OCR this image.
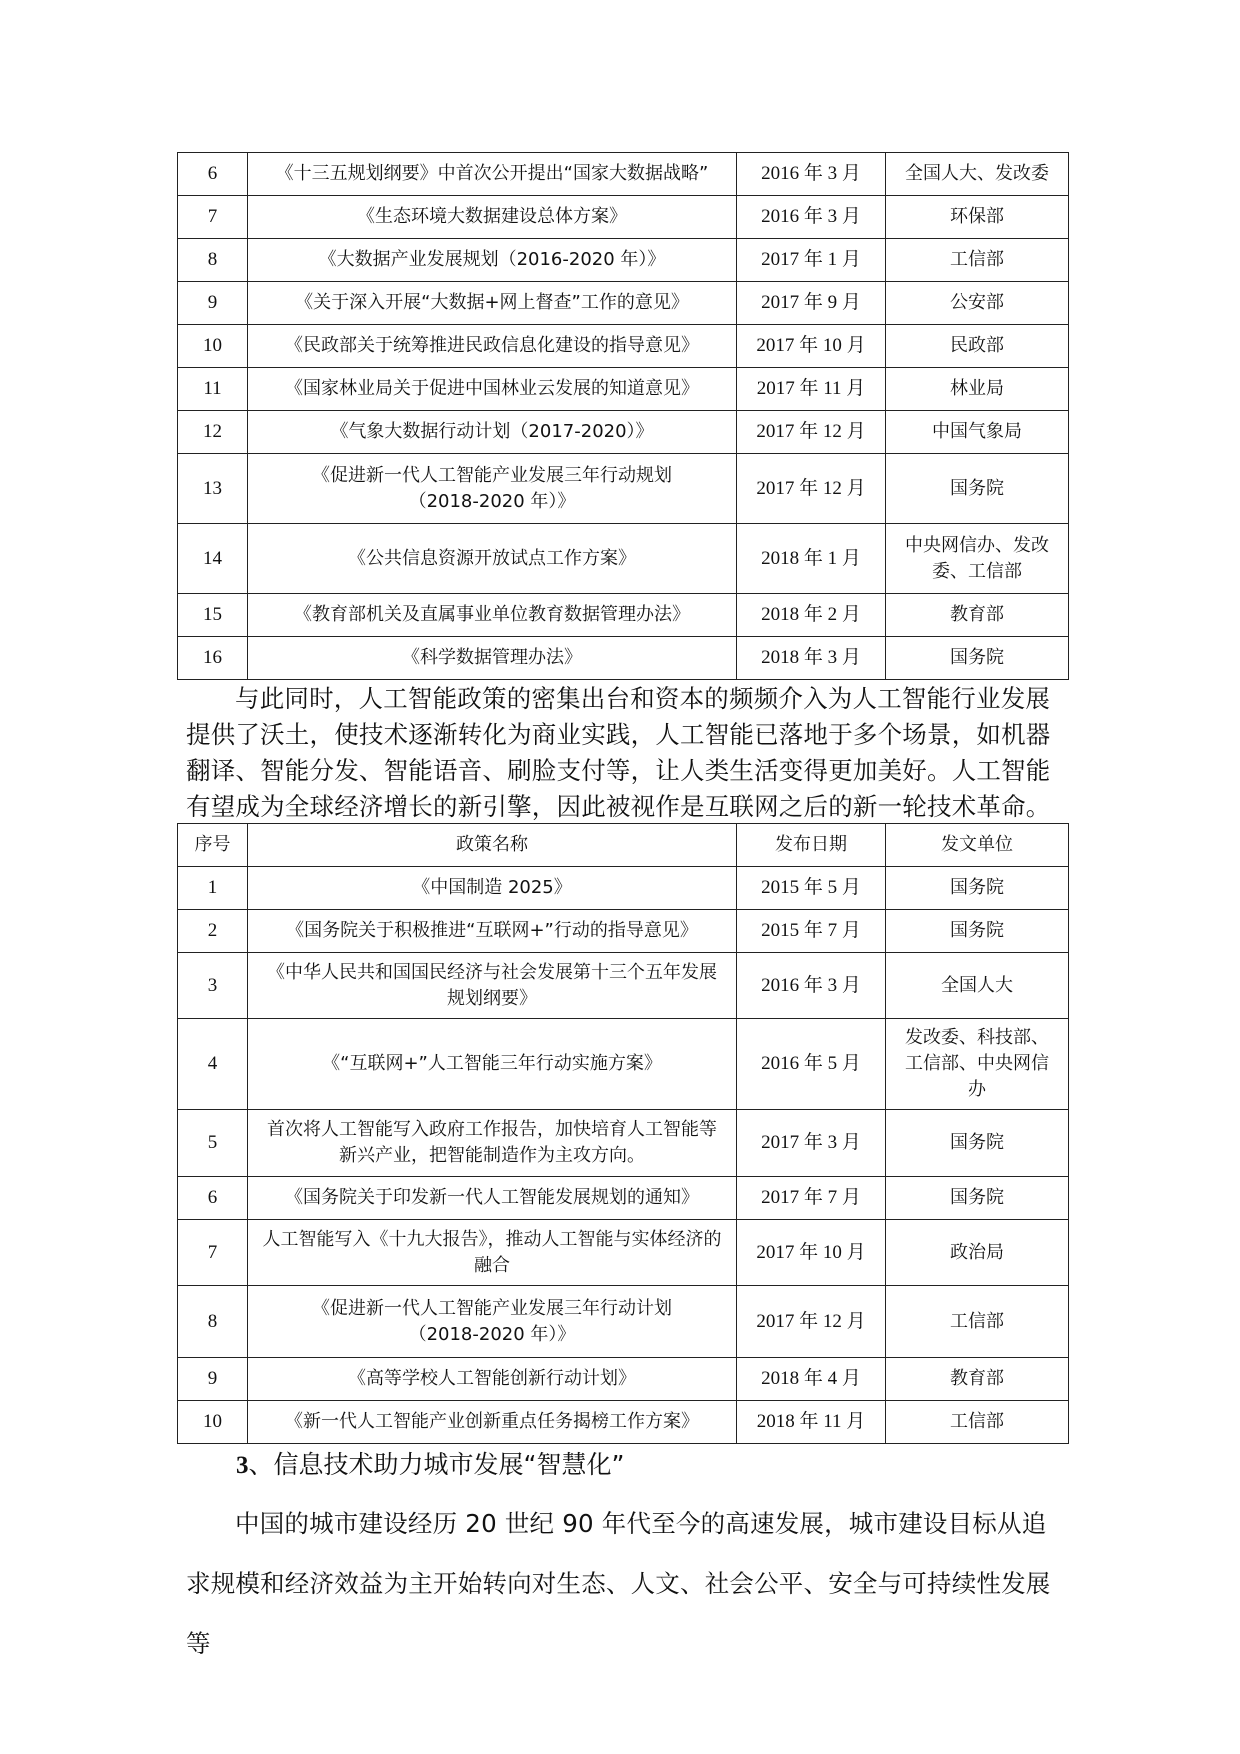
6	《十三五规划纲要》中首次公开提出“国家大数据战略”	2016 年 3 月	全国人大、发改委
7	《生态环境大数据建设总体方案》	2016 年 3 月	环保部
8	《大数据产业发展规划（2016-2020 年）》	2017 年 1 月	工信部
9	《关于深入开展“大数据+网上督查”工作的意见》	2017 年 9 月	公安部
10	《民政部关于统筹推进民政信息化建设的指导意见》	2017 年 10 月	民政部
11	《国家林业局关于促进中国林业云发展的知道意见》	2017 年 11 月	林业局
12	《气象大数据行动计划（2017-2020）》	2017 年 12 月	中国气象局
13	《促进新一代人工智能产业发展三年行动规划（2018-2020 年）》	2017 年 12 月	国务院
14	《公共信息资源开放试点工作方案》	2018 年 1 月	中央网信办、发改委、工信部
15	《教育部机关及直属事业单位教育数据管理办法》	2018 年 2 月	教育部
16	《科学数据管理办法》	2018 年 3 月	国务院

与此同时，人工智能政策的密集出台和资本的频频介入为人工智能行业发展提供了沃土，使技术逐渐转化为商业实践，人工智能已落地于多个场景，如机器翻译、智能分发、智能语音、刷脸支付等，让人类生活变得更加美好。人工智能有望成为全球经济增长的新引擎，因此被视作是互联网之后的新一轮技术革命。

序号	政策名称	发布日期	发文单位
1	《中国制造 2025》	2015 年 5 月	国务院
2	《国务院关于积极推进“互联网+”行动的指导意见》	2015 年 7 月	国务院
3	《中华人民共和国国民经济与社会发展第十三个五年发展规划纲要》	2016 年 3 月	全国人大
4	《“互联网+”人工智能三年行动实施方案》	2016 年 5 月	发改委、科技部、工信部、中央网信办
5	首次将人工智能写入政府工作报告，加快培育人工智能等新兴产业，把智能制造作为主攻方向。	2017 年 3 月	国务院
6	《国务院关于印发新一代人工智能发展规划的通知》	2017 年 7 月	国务院
7	人工智能写入《十九大报告》，推动人工智能与实体经济的融合	2017 年 10 月	政治局
8	《促进新一代人工智能产业发展三年行动计划（2018-2020 年）》	2017 年 12 月	工信部
9	《高等学校人工智能创新行动计划》	2018 年 4 月	教育部
10	《新一代人工智能产业创新重点任务揭榜工作方案》	2018 年 11 月	工信部
3、信息技术助力城市发展“智慧化”

中国的城市建设经历 20 世纪 90 年代至今的高速发展，城市建设目标从追求规模和经济效益为主开始转向对生态、人文、社会公平、安全与可持续性发展等
